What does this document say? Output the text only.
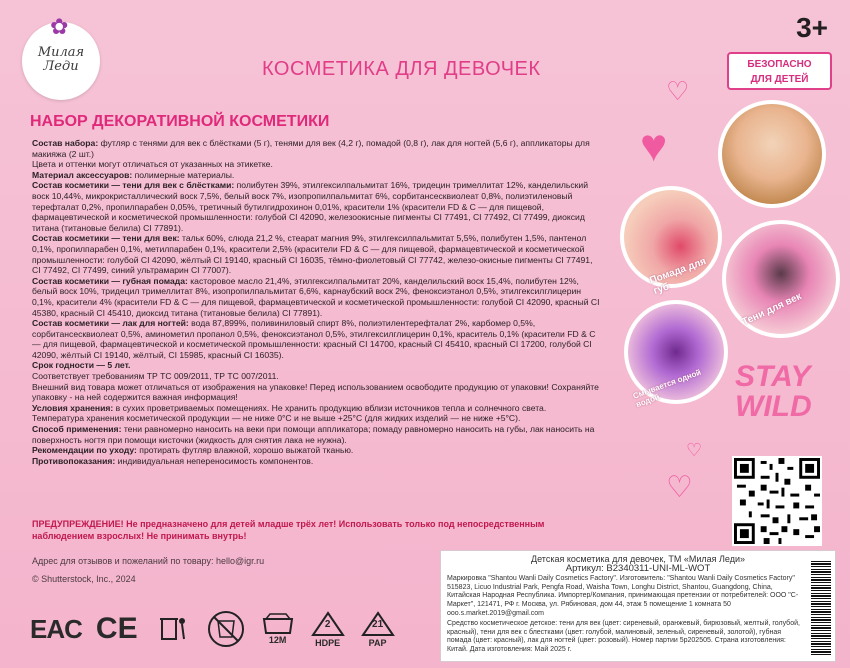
✿
Милая Леди
3+
БЕЗОПАСНО
ДЛЯ ДЕТЕЙ
КОСМЕТИКА ДЛЯ ДЕВОЧЕК
НАБОР ДЕКОРАТИВНОЙ КОСМЕТИКИ

Состав набора: футляр с тенями для век с блёстками (5 г), тенями для век (4,2 г), помадой (0,8 г), лак для ногтей (5,6 г), аппликаторы для макияжа (2 шт.)

Цвета и оттенки могут отличаться от указанных на этикетке.

Материал аксессуаров: полимерные материалы.

Состав косметики — тени для век с блёстками: полибутен 39%, этилгексилпальмитат 16%, тридецин тримеллитат 12%, канделильский воск 10,44%, микрокристаллический воск 7,5%, белый воск 7%, изопропилпальмитат 6%, сорбитансесквиолеат 0,8%, полиэтиленовый терефталат 0,2%, пропилпарабен 0,05%, третичный бутилгидрохинон 0,01%, красители 1% (красители FD & C — для пищевой, фармацевтической и косметической промышленности: голубой CI 42090, железоокисные пигменты CI 77491, CI 77492, CI 77499, диоксид титана (титановые белила) CI 77891).

Состав косметики — тени для век: тальк 60%, слюда 21,2 %, стеарат магния 9%, этилгексилпальмитат 5,5%, полибутен 1,5%, пантенол 0,1%, пропилпарабен 0,1%, метилпарабен 0,1%, красители 2,5% (красители FD & C — для пищевой, фармацевтической и косметической промышленности: голубой CI 42090, жёлтый CI 19140, красный CI 16035, тёмно-фиолетовый CI 77742, железо-окисные пигменты CI 77491, CI 77492, CI 77499, синий ультрамарин CI 77007).

Состав косметики — губная помада: касторовое масло 21,4%, этилгексилпальмитат 20%, канделильский воск 15,4%, полибутен 12%, белый воск 10%, тридецил тримеллитат 8%, изопропилпальмитат 6,6%, карнаубский воск 2%, феноксиэтанол 0,5%, этилгексилглицерин 0,1%, красители 4% (красители FD & C — для пищевой, фармацевтической и косметической промышленности: голубой CI 42090, красный CI 45380, красный CI 45410, диоксид титана (титановые белила) CI 77891).

Состав косметики — лак для ногтей: вода 87,899%, поливиниловый спирт 8%, полиэтилентерефталат 2%, карбомер 0,5%, сорбитансесквиолеат 0,5%, аминометил пропанол 0,5%, феноксиэтанол 0,5%, этилгексилглицерин 0,1%, краситель 0,1% (красители FD & C — для пищевой, фармацевтической и косметической промышленности: красный CI 14700, красный CI 45410, красный CI 17200, голубой CI 42090, жёлтый CI 19140, жёлтый, CI 15985, красный CI 16035).

Срок годности — 5 лет.

Соответствует требованиям ТР ТС 009/2011, ТР ТС 007/2011.

Внешний вид товара может отличаться от изображения на упаковке! Перед использованием освободите продукцию от упаковки! Сохраняйте упаковку - на ней содержится важная информация!

Условия хранения: в сухих проветриваемых помещениях. Не хранить продукцию вблизи источников тепла и солнечного света. Температура хранения косметической продукции — не ниже 0°С и не выше +25°С (для жидких изделий — не ниже +5°С).

Способ применения: тени равномерно наносить на веки при помощи аппликатора; помаду равномерно наносить на губы, лак наносить на поверхность ногтя при помощи кисточки (жидкость для снятия лака не нужна).

Рекомендации по уходу: протирать футляр влажной, хорошо выжатой тканью.

Противопоказания: индивидуальная непереносимость компонентов.

ПРЕДУПРЕЖДЕНИЕ! Не предназначено для детей младше трёх лет! Использовать только под непосредственным наблюдением взрослых! Не принимать внутрь!
Адрес для отзывов и пожеланий по товару: hello@igr.ru
© Shutterstock, Inc., 2024
EAC CE	12M
2
HDPE
21
PAP
♡
♥
♡
♡
Помада для губ
Тени для век
Смывается одной водой
STAY
WILD
Детская косметика для девочек, ТМ «Милая Леди»
Артикул: B2340311-UNI-ML-WOT
Маркировка "Shantou Wanli Daily Cosmetics Factory". Изготовитель: "Shantou Wanli Daily Cosmetics Factory" 515823, Licuo Industrial Park, Pengfa Road, Waisha Town, Longhu District, Shantou, Guangdong, China, Китайская Народная Республика. Импортер/Компания, принимающая претензии от потребителей: ООО "С-Маркет", 121471, РФ г. Москва, ул. Рябиновая, дом 44, этаж 5 помещение 1 комната 50 ооо.s.market.2019@gmail.com
Средство косметическое детское: тени для век (цвет: сиреневый, оранжевый, бирюзовый, желтый, голубой, красный), тени для век с блестками (цвет: голубой, малиновый, зеленый, сиреневый, золотой), губная помада (цвет: красный), лак для ногтей (цвет: розовый). Номер партии 5р202505. Страна изготовления: Китай. Дата изготовления: Май 2025 г.
